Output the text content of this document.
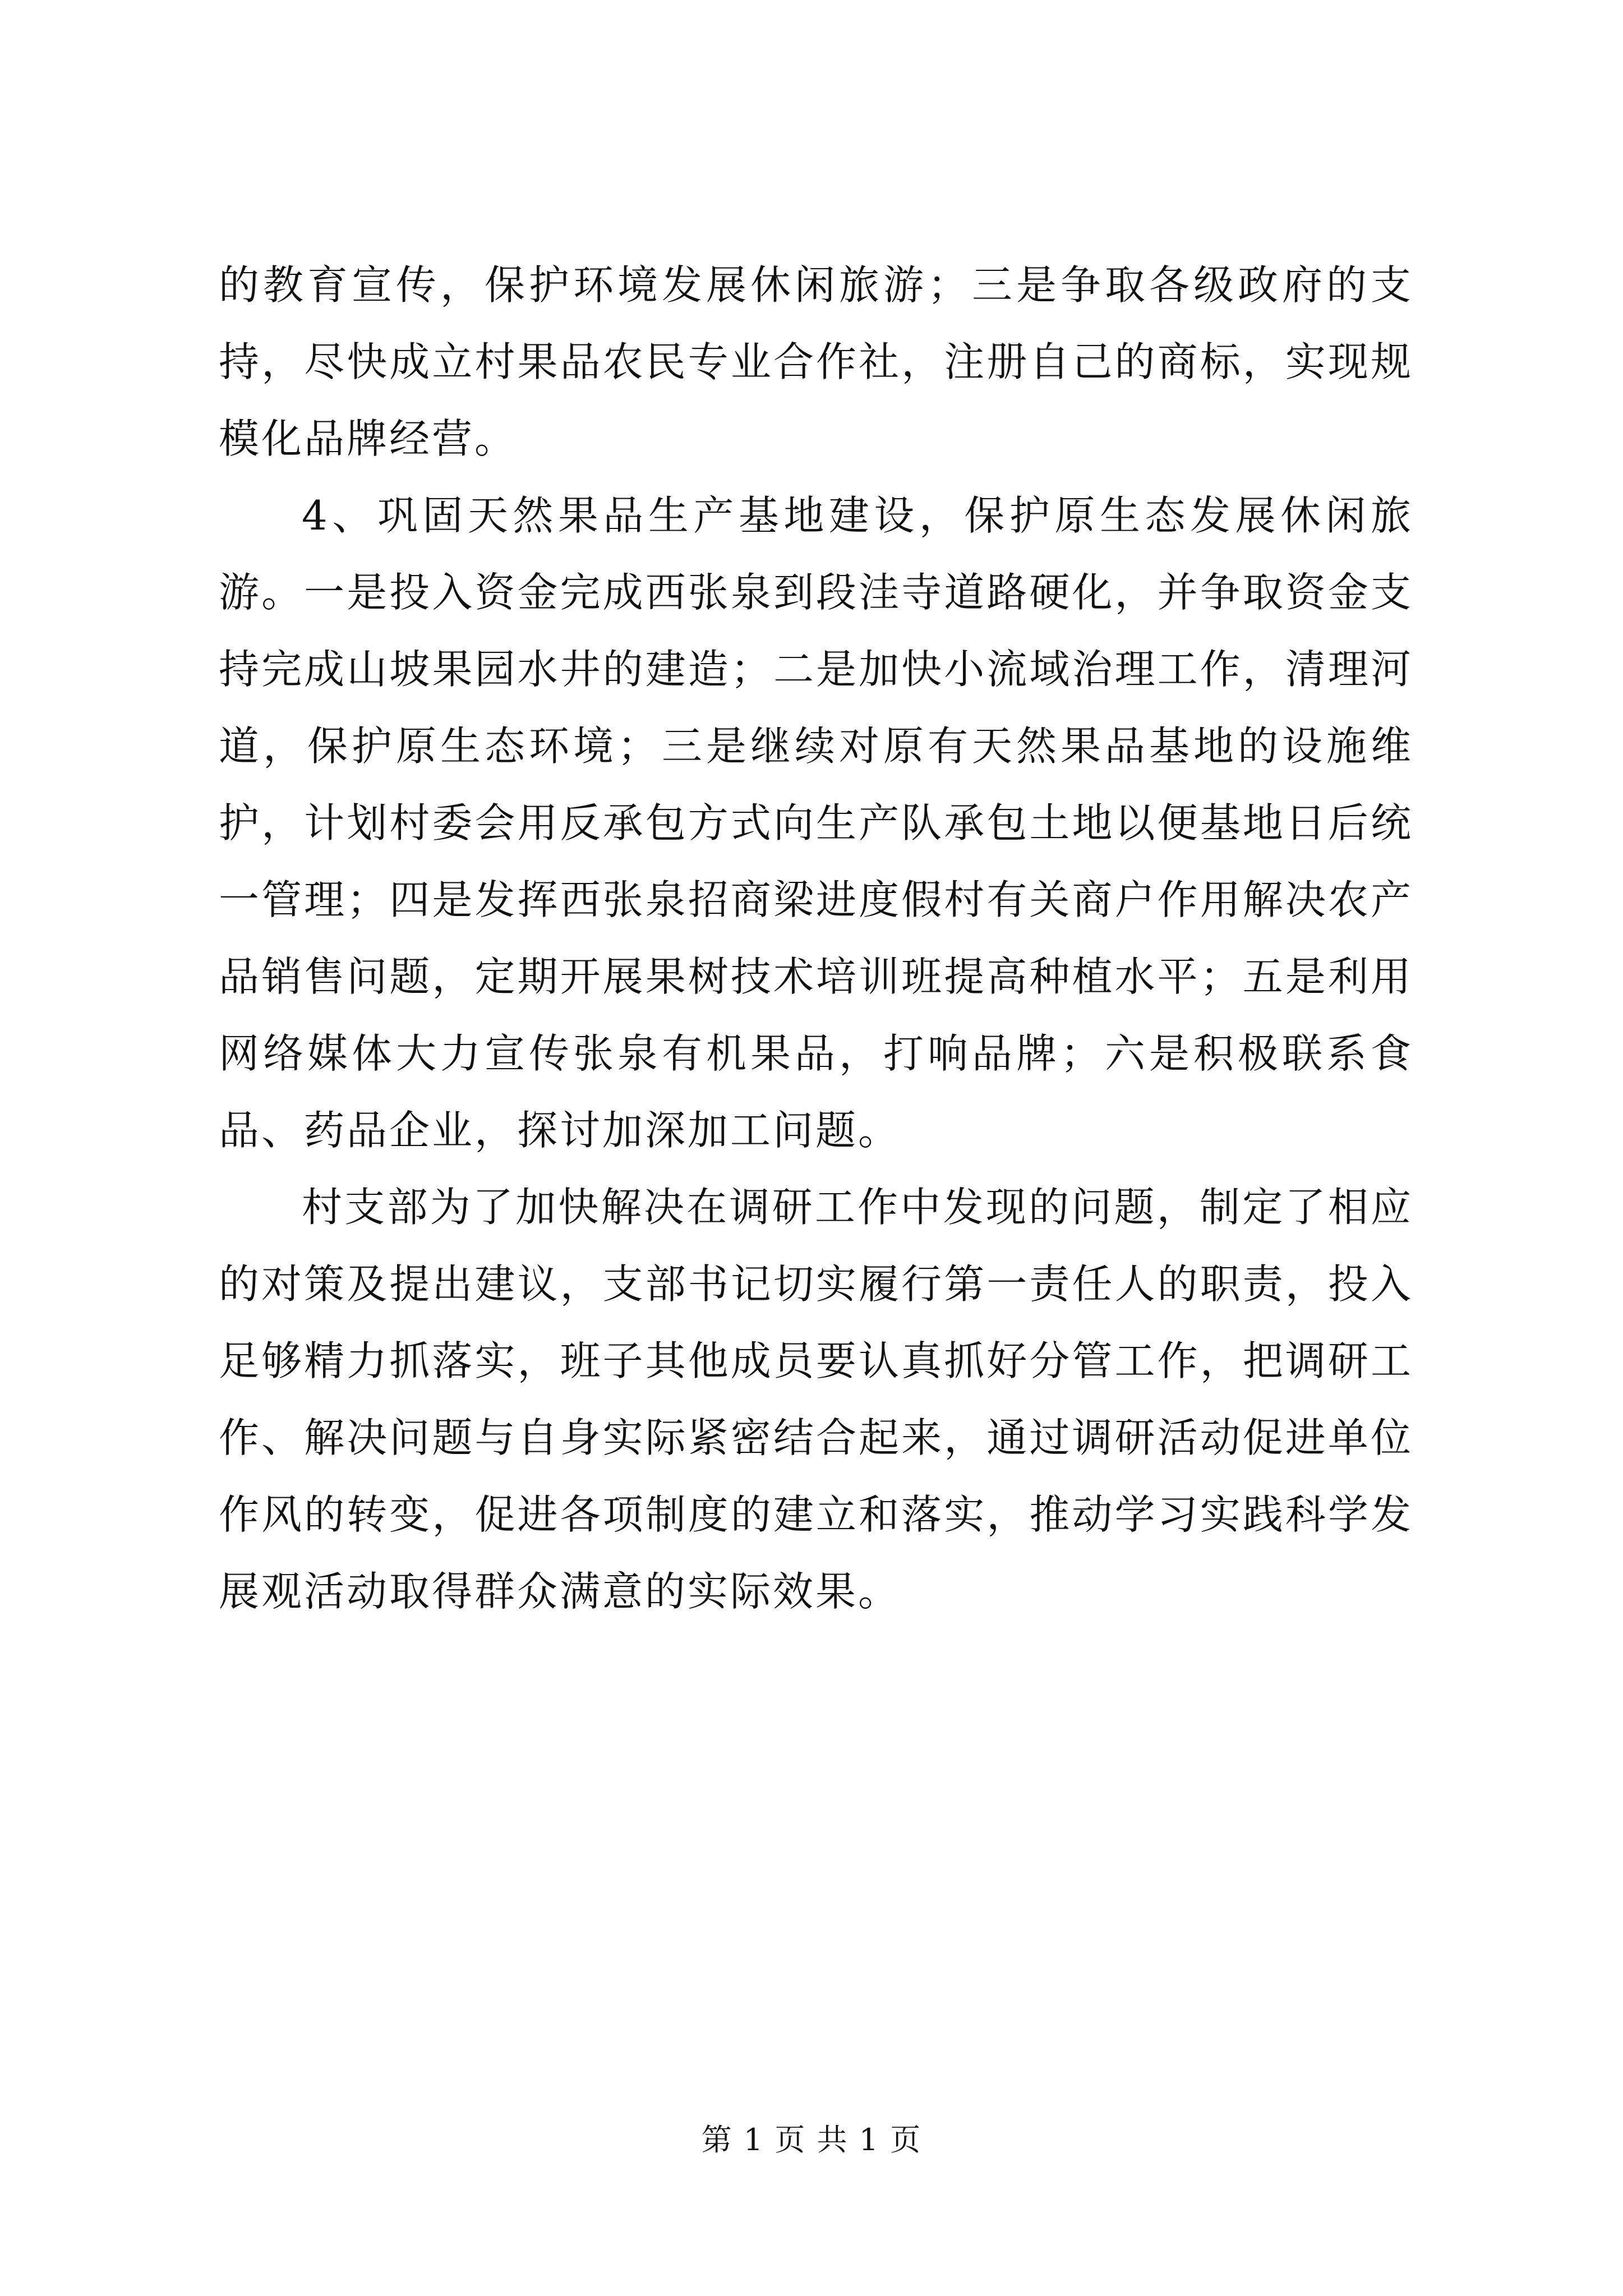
的教育宣传，保护环境发展休闲旅游；三是争取各级政府的支持，尽快成立村果品农民专业合作社，注册自己的商标，实现规模化品牌经营。

4、巩固天然果品生产基地建设，保护原生态发展休闲旅游。一是投入资金完成西张泉到段洼寺道路硬化，并争取资金支持完成山坡果园水井的建造；二是加快小流域治理工作，清理河道，保护原生态环境；三是继续对原有天然果品基地的设施维护，计划村委会用反承包方式向生产队承包土地以便基地日后统一管理；四是发挥西张泉招商梁进度假村有关商户作用解决农产品销售问题，定期开展果树技术培训班提高种植水平；五是利用网络媒体大力宣传张泉有机果品，打响品牌；六是积极联系食品、药品企业，探讨加深加工问题。

村支部为了加快解决在调研工作中发现的问题，制定了相应的对策及提出建议，支部书记切实履行第一责任人的职责，投入足够精力抓落实，班子其他成员要认真抓好分管工作，把调研工作、解决问题与自身实际紧密结合起来，通过调研活动促进单位作风的转变，促进各项制度的建立和落实，推动学习实践科学发展观活动取得群众满意的实际效果。

第 1 页 共 1 页
